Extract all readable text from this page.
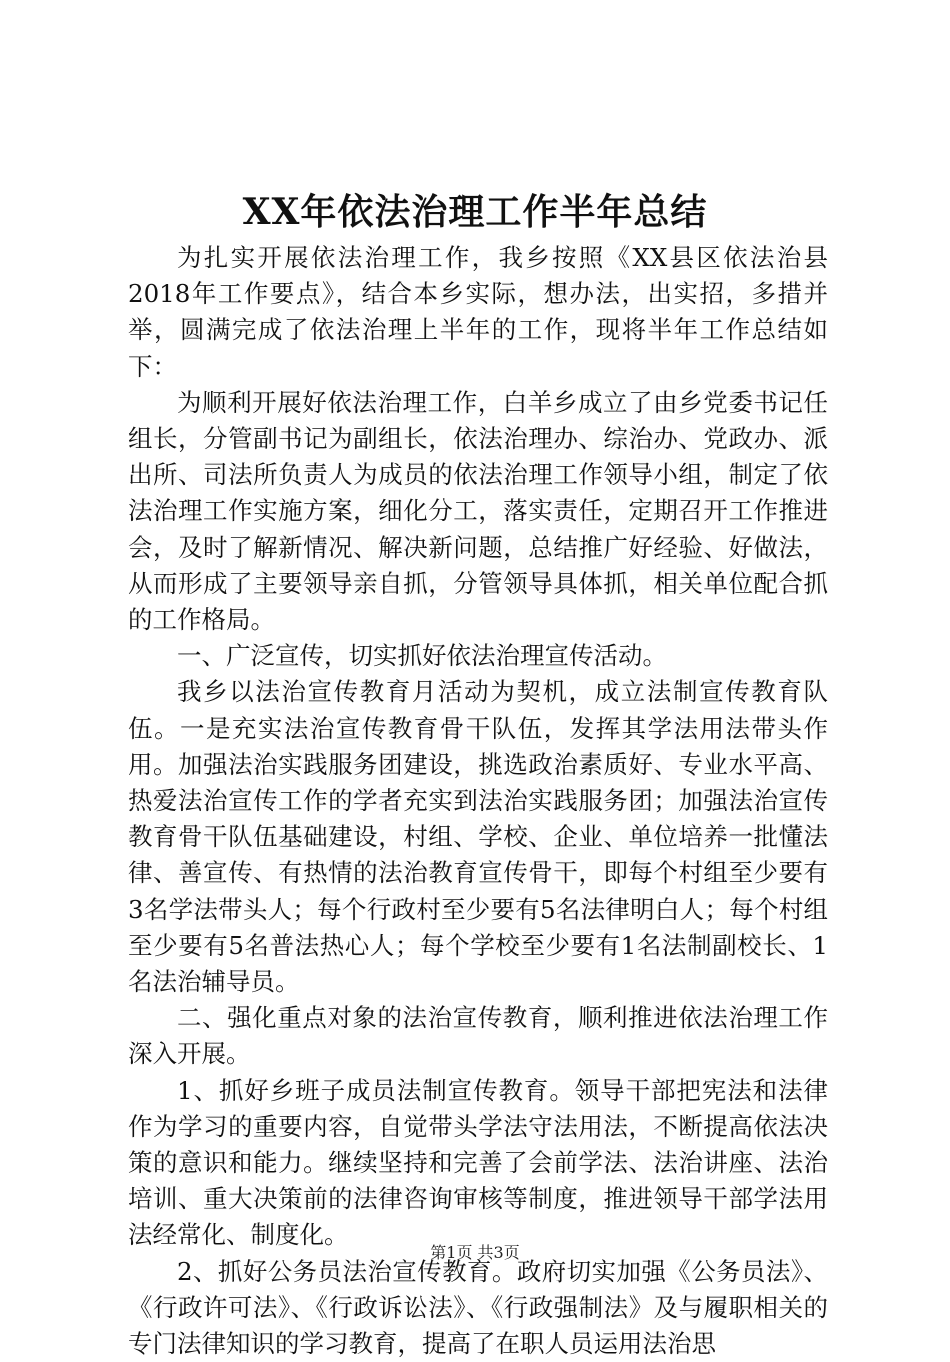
XX年依法治理工作半年总结

为扎实开展依法治理工作，我乡按照《XX县区依法治县2018年工作要点》，结合本乡实际，想办法，出实招，多措并举，圆满完成了依法治理上半年的工作，现将半年工作总结如下：

为顺利开展好依法治理工作，白羊乡成立了由乡党委书记任组长，分管副书记为副组长，依法治理办、综治办、党政办、派出所、司法所负责人为成员的依法治理工作领导小组，制定了依法治理工作实施方案，细化分工，落实责任，定期召开工作推进会，及时了解新情况、解决新问题，总结推广好经验、好做法，从而形成了主要领导亲自抓，分管领导具体抓，相关单位配合抓的工作格局。

一、广泛宣传，切实抓好依法治理宣传活动。

我乡以法治宣传教育月活动为契机，成立法制宣传教育队伍。一是充实法治宣传教育骨干队伍，发挥其学法用法带头作用。加强法治实践服务团建设，挑选政治素质好、专业水平高、热爱法治宣传工作的学者充实到法治实践服务团；加强法治宣传教育骨干队伍基础建设，村组、学校、企业、单位培养一批懂法律、善宣传、有热情的法治教育宣传骨干，即每个村组至少要有3名学法带头人；每个行政村至少要有5名法律明白人；每个村组至少要有5名普法热心人；每个学校至少要有1名法制副校长、1名法治辅导员。

二、强化重点对象的法治宣传教育，顺利推进依法治理工作深入开展。

1、抓好乡班子成员法制宣传教育。领导干部把宪法和法律作为学习的重要内容，自觉带头学法守法用法，不断提高依法决策的意识和能力。继续坚持和完善了会前学法、法治讲座、法治培训、重大决策前的法律咨询审核等制度，推进领导干部学法用法经常化、制度化。

2、抓好公务员法治宣传教育。政府切实加强《公务员法》、《行政许可法》、《行政诉讼法》、《行政强制法》及与履职相关的专门法律知识的学习教育，提高了在职人员运用法治思

第1页 共3页
